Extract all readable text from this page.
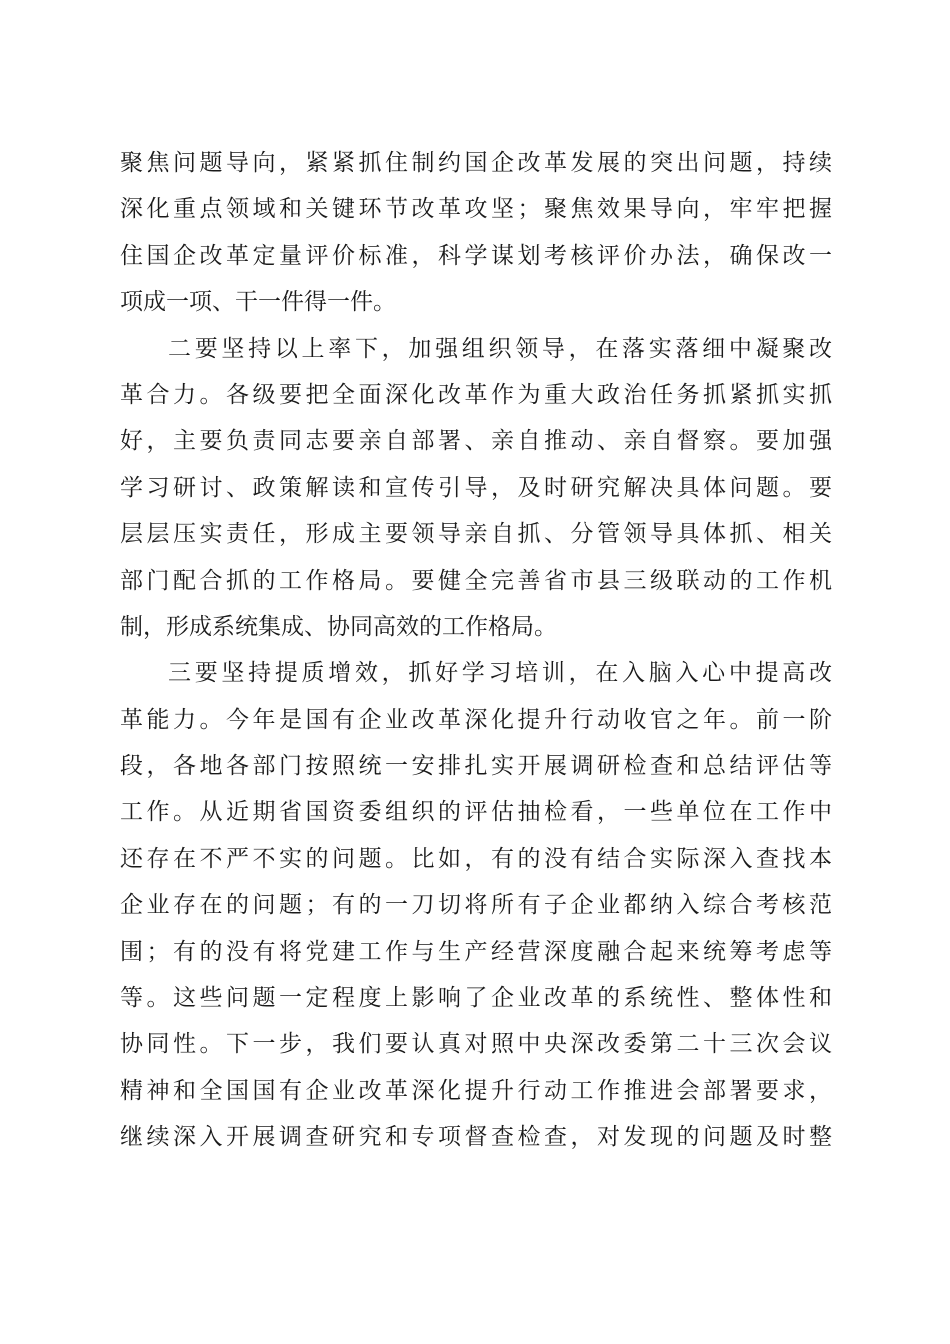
聚焦问题导向，紧紧抓住制约国企改革发展的突出问题，持续
深化重点领域和关键环节改革攻坚；聚焦效果导向，牢牢把握
住国企改革定量评价标准，科学谋划考核评价办法，确保改一
项成一项、干一件得一件。
二要坚持以上率下，加强组织领导，在落实落细中凝聚改
革合力。各级要把全面深化改革作为重大政治任务抓紧抓实抓
好，主要负责同志要亲自部署、亲自推动、亲自督察。要加强
学习研讨、政策解读和宣传引导，及时研究解决具体问题。要
层层压实责任，形成主要领导亲自抓、分管领导具体抓、相关
部门配合抓的工作格局。要健全完善省市县三级联动的工作机
制，形成系统集成、协同高效的工作格局。
三要坚持提质增效，抓好学习培训，在入脑入心中提高改
革能力。今年是国有企业改革深化提升行动收官之年。前一阶
段，各地各部门按照统一安排扎实开展调研检查和总结评估等
工作。从近期省国资委组织的评估抽检看，一些单位在工作中
还存在不严不实的问题。比如，有的没有结合实际深入查找本
企业存在的问题；有的一刀切将所有子企业都纳入综合考核范
围；有的没有将党建工作与生产经营深度融合起来统筹考虑等
等。这些问题一定程度上影响了企业改革的系统性、整体性和
协同性。下一步，我们要认真对照中央深改委第二十三次会议
精神和全国国有企业改革深化提升行动工作推进会部署要求，
继续深入开展调查研究和专项督查检查，对发现的问题及时整
